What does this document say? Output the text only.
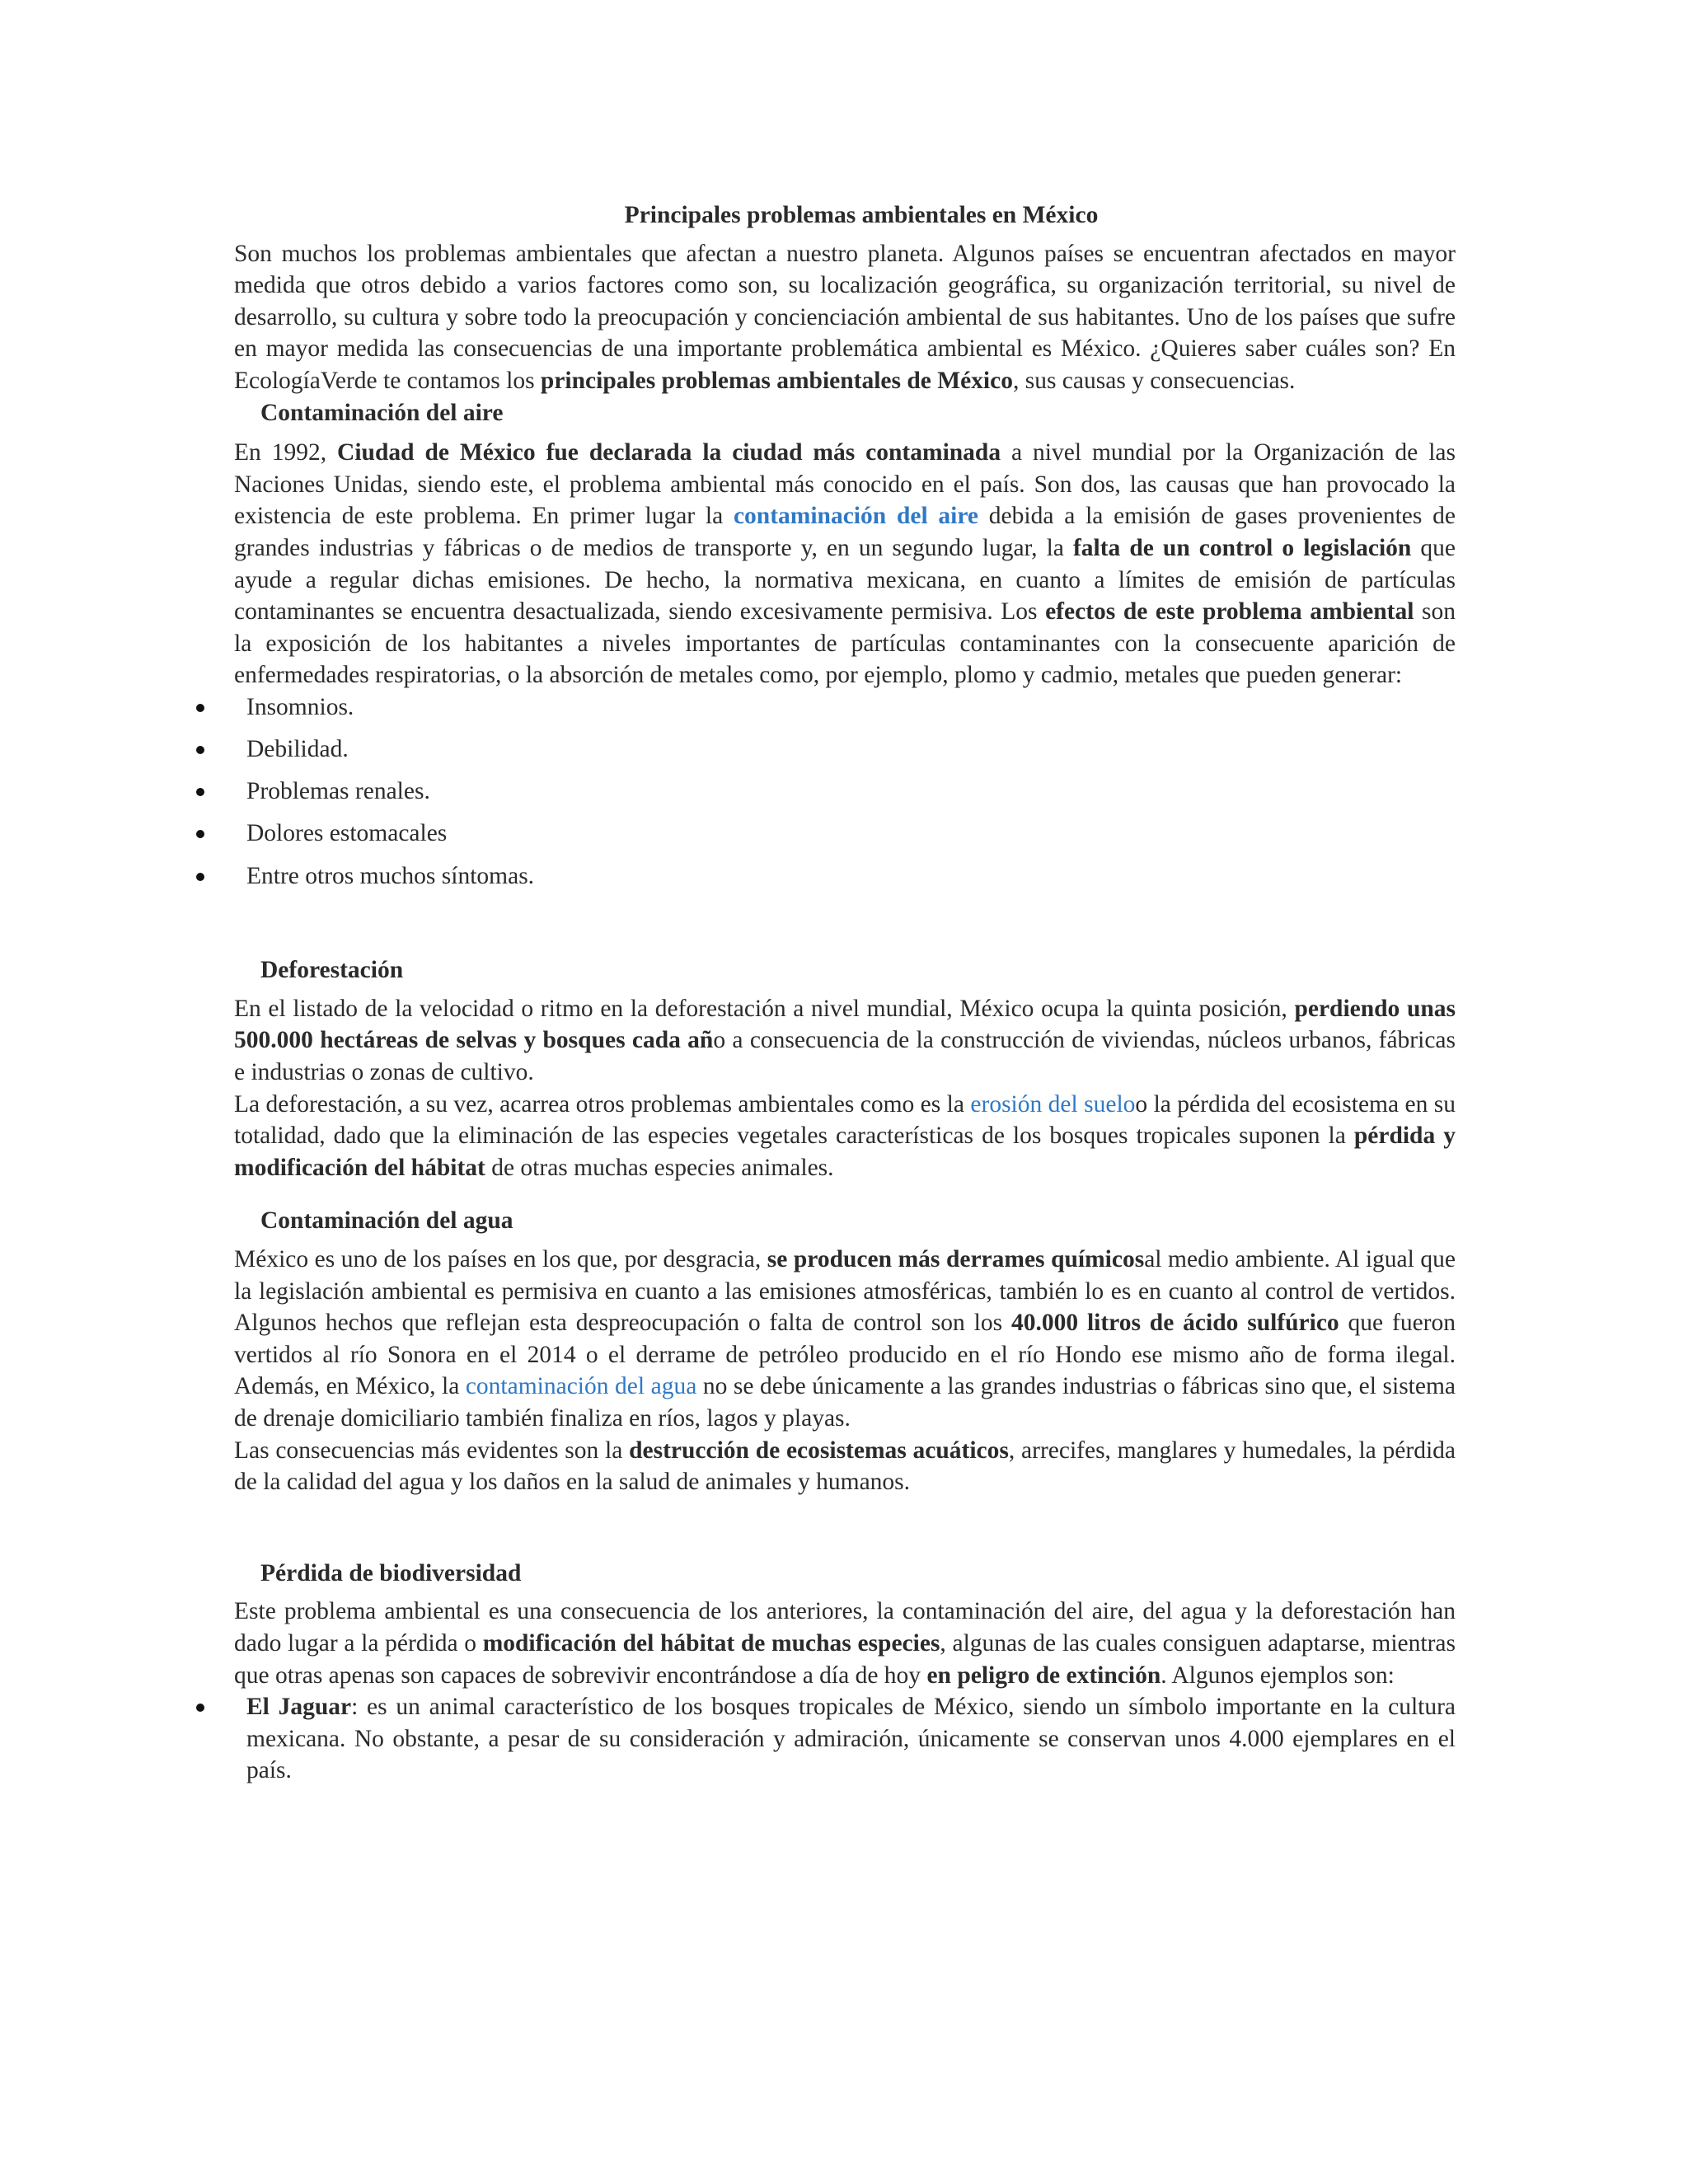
Principales problemas ambientales en México

Son muchos los problemas ambientales que afectan a nuestro planeta. Algunos países se encuentran afectados en mayor medida que otros debido a varios factores como son, su localización geográfica, su organización territorial, su nivel de desarrollo, su cultura y sobre todo la preocupación y concienciación ambiental de sus habitantes. Uno de los países que sufre en mayor medida las consecuencias de una importante problemática ambiental es México. ¿Quieres saber cuáles son? En EcologíaVerde te contamos los principales problemas ambientales de México, sus causas y consecuencias.

Contaminación del aire

En 1992, Ciudad de México fue declarada la ciudad más contaminada a nivel mundial por la Organización de las Naciones Unidas, siendo este, el problema ambiental más conocido en el país. Son dos, las causas que han provocado la existencia de este problema. En primer lugar la contaminación del aire debida a la emisión de gases provenientes de grandes industrias y fábricas o de medios de transporte y, en un segundo lugar, la falta de un control o legislación que ayude a regular dichas emisiones. De hecho, la normativa mexicana, en cuanto a límites de emisión de partículas contaminantes se encuentra desactualizada, siendo excesivamente permisiva. Los efectos de este problema ambiental son la exposición de los habitantes a niveles importantes de partículas contaminantes con la consecuente aparición de enfermedades respiratorias, o la absorción de metales como, por ejemplo, plomo y cadmio, metales que pueden generar:

Insomnios.
Debilidad.
Problemas renales.
Dolores estomacales
Entre otros muchos síntomas.

Deforestación

En el listado de la velocidad o ritmo en la deforestación a nivel mundial, México ocupa la quinta posición, perdiendo unas 500.000 hectáreas de selvas y bosques cada año a consecuencia de la construcción de viviendas, núcleos urbanos, fábricas e industrias o zonas de cultivo.

La deforestación, a su vez, acarrea otros problemas ambientales como es la erosión del sueloo la pérdida del ecosistema en su totalidad, dado que la eliminación de las especies vegetales características de los bosques tropicales suponen la pérdida y modificación del hábitat de otras muchas especies animales.

Contaminación del agua

México es uno de los países en los que, por desgracia, se producen más derrames químicosal medio ambiente. Al igual que la legislación ambiental es permisiva en cuanto a las emisiones atmosféricas, también lo es en cuanto al control de vertidos. Algunos hechos que reflejan esta despreocupación o falta de control son los 40.000 litros de ácido sulfúrico que fueron vertidos al río Sonora en el 2014 o el derrame de petróleo producido en el río Hondo ese mismo año de forma ilegal. Además, en México, la contaminación del agua no se debe únicamente a las grandes industrias o fábricas sino que, el sistema de drenaje domiciliario también finaliza en ríos, lagos y playas.

Las consecuencias más evidentes son la destrucción de ecosistemas acuáticos, arrecifes, manglares y humedales, la pérdida de la calidad del agua y los daños en la salud de animales y humanos.

Pérdida de biodiversidad

Este problema ambiental es una consecuencia de los anteriores, la contaminación del aire, del agua y la deforestación han dado lugar a la pérdida o modificación del hábitat de muchas especies, algunas de las cuales consiguen adaptarse, mientras que otras apenas son capaces de sobrevivir encontrándose a día de hoy en peligro de extinción. Algunos ejemplos son:

El Jaguar: es un animal característico de los bosques tropicales de México, siendo un símbolo importante en la cultura mexicana. No obstante, a pesar de su consideración y admiración, únicamente se conservan unos 4.000 ejemplares en el país.
